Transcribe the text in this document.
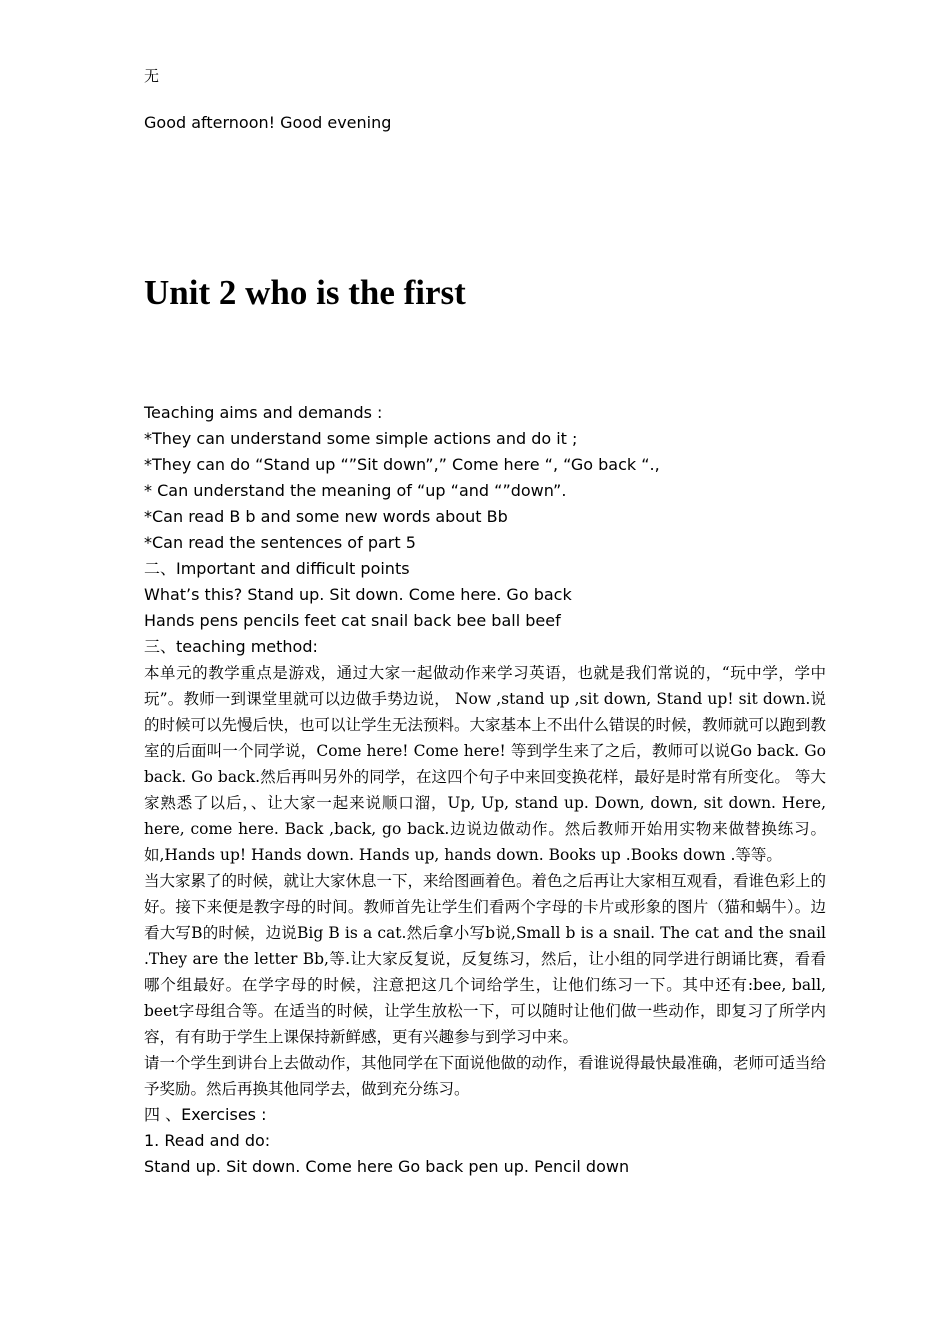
无
Good afternoon! Good evening
Unit 2 who is the first
Teaching aims and demands :
*They can understand some simple actions and do it ;
*They can do “Stand up “”Sit down”,” Come here “, “Go back “.,
* Can understand the meaning of “up “and “”down”.
*Can read B b and some new words about Bb
*Can read the sentences of part 5
二、Important and difficult points
What’s this? Stand up. Sit down. Come here. Go back
Hands pens pencils feet cat snail back bee ball beef
三、teaching method:
本单元的教学重点是游戏，通过大家一起做动作来学习英语，也就是我们常说的，“玩中学，学中玩”。教师一到课堂里就可以边做手势边说， Now ,stand up ,sit down, Stand up! sit down.说的时候可以先慢后快，也可以让学生无法预料。大家基本上不出什么错误的时候，教师就可以跑到教室的后面叫一个同学说，Come here! Come here! 等到学生来了之后，教师可以说Go back. Go back. Go back.然后再叫另外的同学，在这四个句子中来回变换花样，最好是时常有所变化。 等大家熟悉了以后，、让大家一起来说顺口溜，Up, Up, stand up. Down, down, sit down. Here, here, come here. Back ,back, go back.边说边做动作。然后教师开始用实物来做替换练习。如,Hands up! Hands down. Hands up, hands down. Books up .Books down .等等。
当大家累了的时候，就让大家休息一下，来给图画着色。着色之后再让大家相互观看，看谁色彩上的好。接下来便是教字母的时间。教师首先让学生们看两个字母的卡片或形象的图片（猫和蜗牛）。边看大写B的时候，边说Big B is a cat.然后拿小写b说,Small b is a snail. The cat and the snail .They are the letter Bb,等.让大家反复说，反复练习，然后，让小组的同学进行朗诵比赛，看看哪个组最好。在学字母的时候，注意把这几个词给学生，让他们练习一下。其中还有:bee, ball, beet字母组合等。在适当的时候，让学生放松一下，可以随时让他们做一些动作，即复习了所学内容，有有助于学生上课保持新鲜感，更有兴趣参与到学习中来。
请一个学生到讲台上去做动作，其他同学在下面说他做的动作，看谁说得最快最准确，老师可适当给予奖励。然后再换其他同学去，做到充分练习。
四 、Exercises :
1. Read and do:
Stand up. Sit down. Come here Go back pen up. Pencil down
